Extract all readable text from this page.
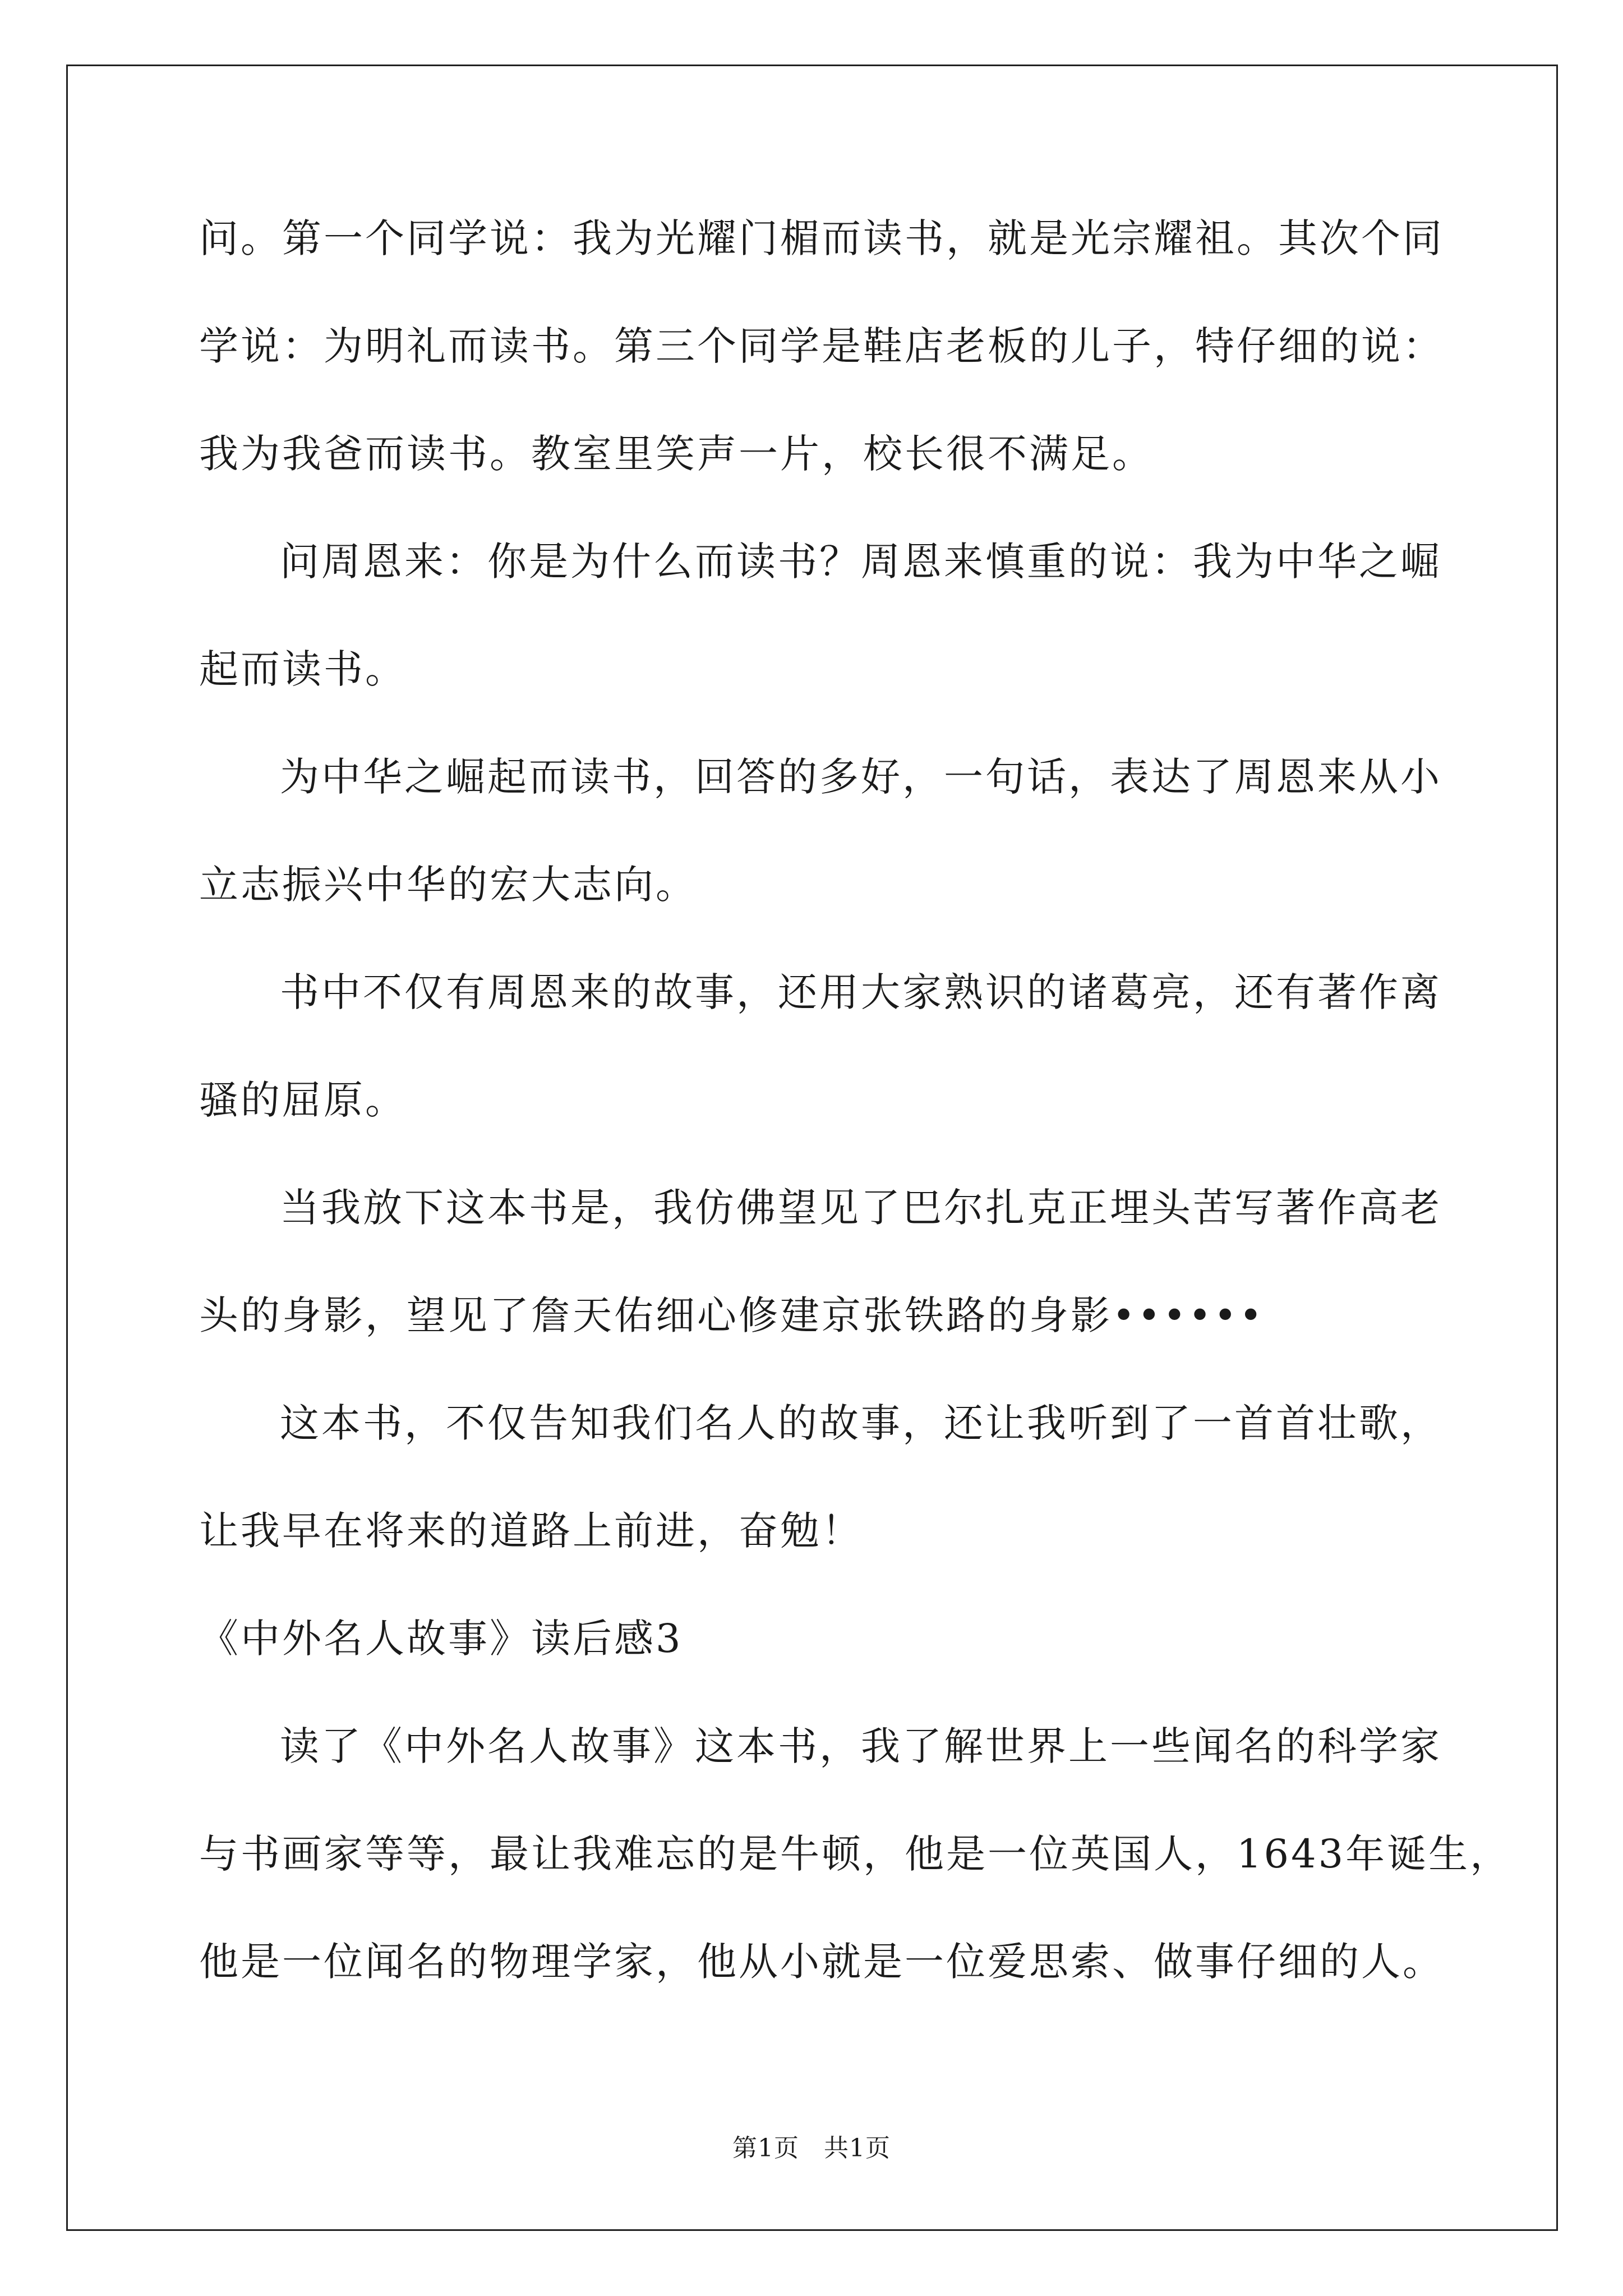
问。第一个同学说：我为光耀门楣而读书，就是光宗耀祖。其次个同

学说：为明礼而读书。第三个同学是鞋店老板的儿子，特仔细的说：

我为我爸而读书。教室里笑声一片，校长很不满足。

问周恩来：你是为什么而读书？周恩来慎重的说：我为中华之崛

起而读书。

为中华之崛起而读书，回答的多好，一句话，表达了周恩来从小

立志振兴中华的宏大志向。

书中不仅有周恩来的故事，还用大家熟识的诸葛亮，还有著作离

骚的屈原。

当我放下这本书是，我仿佛望见了巴尔扎克正埋头苦写著作高老

头的身影，望见了詹天佑细心修建京张铁路的身影••••••

这本书，不仅告知我们名人的故事，还让我听到了一首首壮歌，

让我早在将来的道路上前进，奋勉！

《中外名人故事》读后感3

读了《中外名人故事》这本书，我了解世界上一些闻名的科学家

与书画家等等，最让我难忘的是牛顿，他是一位英国人，1643年诞生，

他是一位闻名的物理学家，他从小就是一位爱思索、做事仔细的人。

第1页 共1页
